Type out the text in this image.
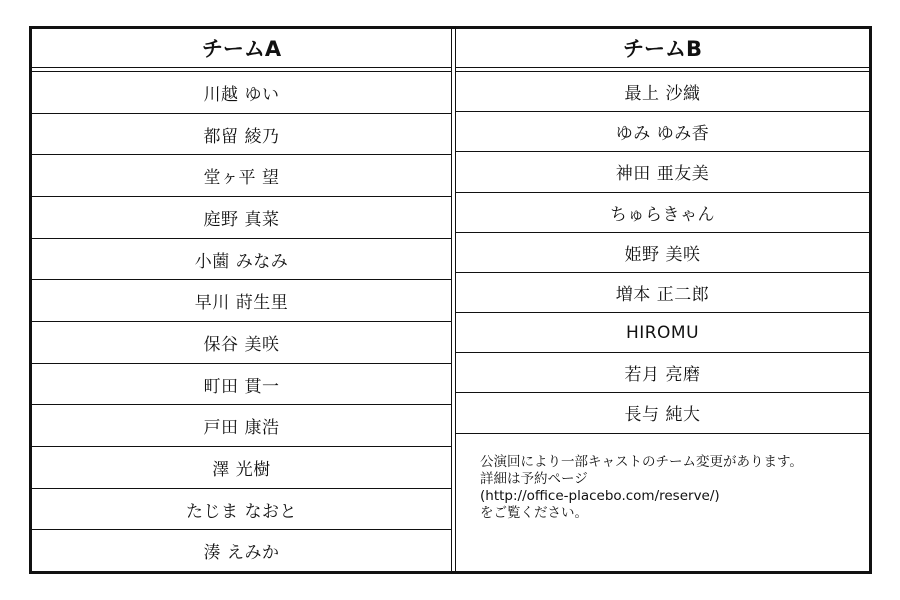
チームA
川越 ゆい
都留 綾乃
堂ヶ平 望
庭野 真菜
小薗 みなみ
早川 莳生里
保谷 美咲
町田 貫一
戸田 康浩
澤 光樹
たじま なおと
湊 えみか
チームB
最上 沙織
ゆみ ゆみ香
神田 亜友美
ちゅらきゃん
姫野 美咲
増本 正二郎
HIROMU
若月 亮磨
長与 純大
公演回により一部キャストのチーム変更があります。
詳細は予約ページ
(http://office-placebo.com/reserve/)
をご覧ください。
